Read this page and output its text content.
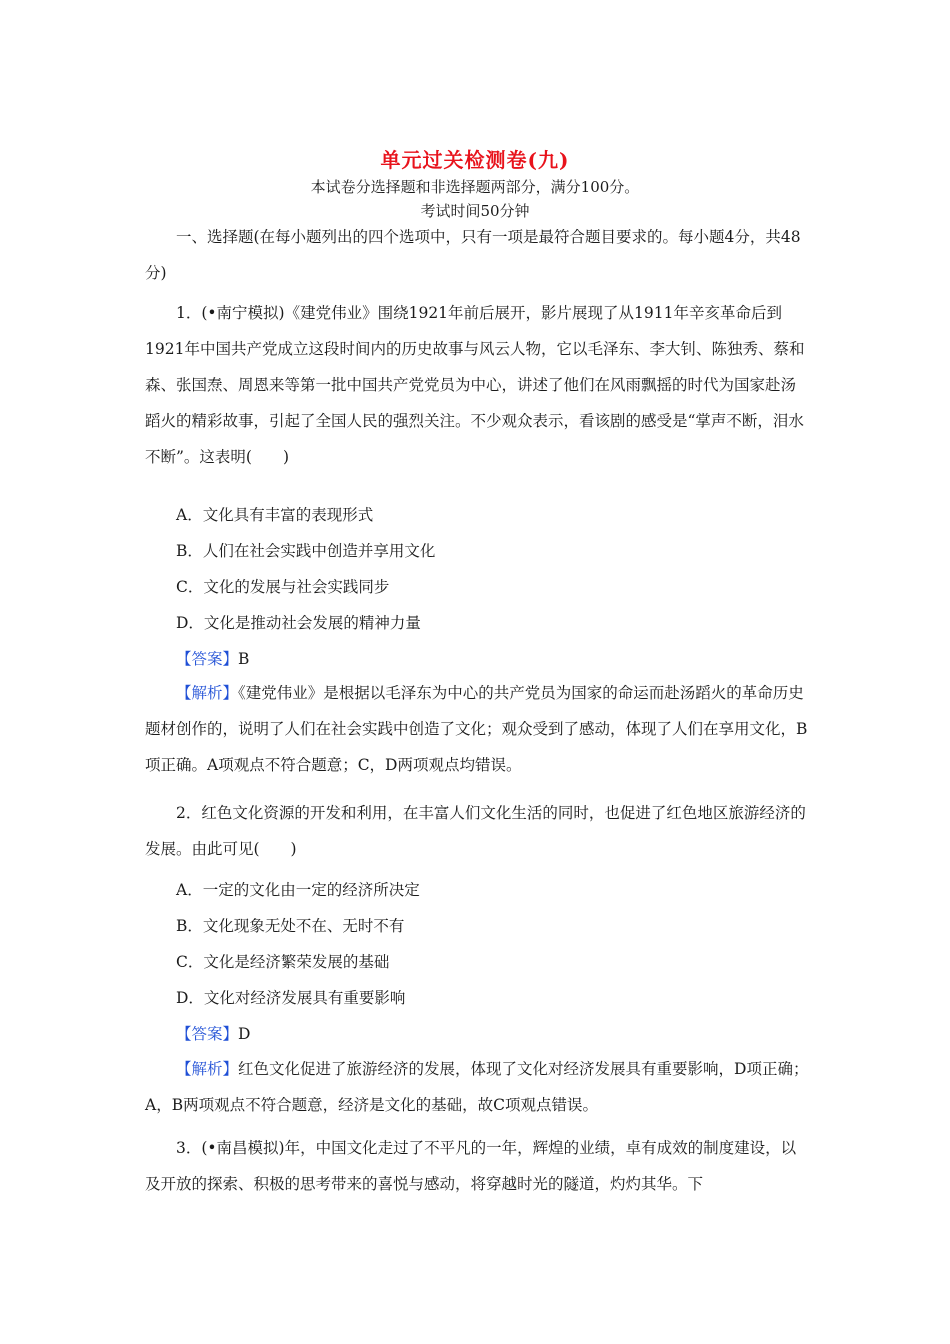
单元过关检测卷(九)
本试卷分选择题和非选择题两部分，满分100分。
考试时间50分钟
一、选择题(在每小题列出的四个选项中，只有一项是最符合题目要求的。每小题4分，共48分)
1．(•南宁模拟)《建党伟业》围绕1921年前后展开，影片展现了从1911年辛亥革命后到1921年中国共产党成立这段时间内的历史故事与风云人物，它以毛泽东、李大钊、陈独秀、蔡和森、张国焘、周恩来等第一批中国共产党党员为中心，讲述了他们在风雨飘摇的时代为国家赴汤蹈火的精彩故事，引起了全国人民的强烈关注。不少观众表示，看该剧的感受是“掌声不断，泪水不断”。这表明(　　)
A．文化具有丰富的表现形式
B．人们在社会实践中创造并享用文化
C．文化的发展与社会实践同步
D．文化是推动社会发展的精神力量
【答案】B
【解析】《建党伟业》是根据以毛泽东为中心的共产党员为国家的命运而赴汤蹈火的革命历史题材创作的，说明了人们在社会实践中创造了文化；观众受到了感动，体现了人们在享用文化，B项正确。A项观点不符合题意；C，D两项观点均错误。
2．红色文化资源的开发和利用，在丰富人们文化生活的同时，也促进了红色地区旅游经济的发展。由此可见(　　)
A．一定的文化由一定的经济所决定
B．文化现象无处不在、无时不有
C．文化是经济繁荣发展的基础
D．文化对经济发展具有重要影响
【答案】D
【解析】红色文化促进了旅游经济的发展，体现了文化对经济发展具有重要影响，D项正确；A，B两项观点不符合题意，经济是文化的基础，故C项观点错误。
3．(•南昌模拟)年，中国文化走过了不平凡的一年，辉煌的业绩，卓有成效的制度建设，以及开放的探索、积极的思考带来的喜悦与感动，将穿越时光的隧道，灼灼其华。下
